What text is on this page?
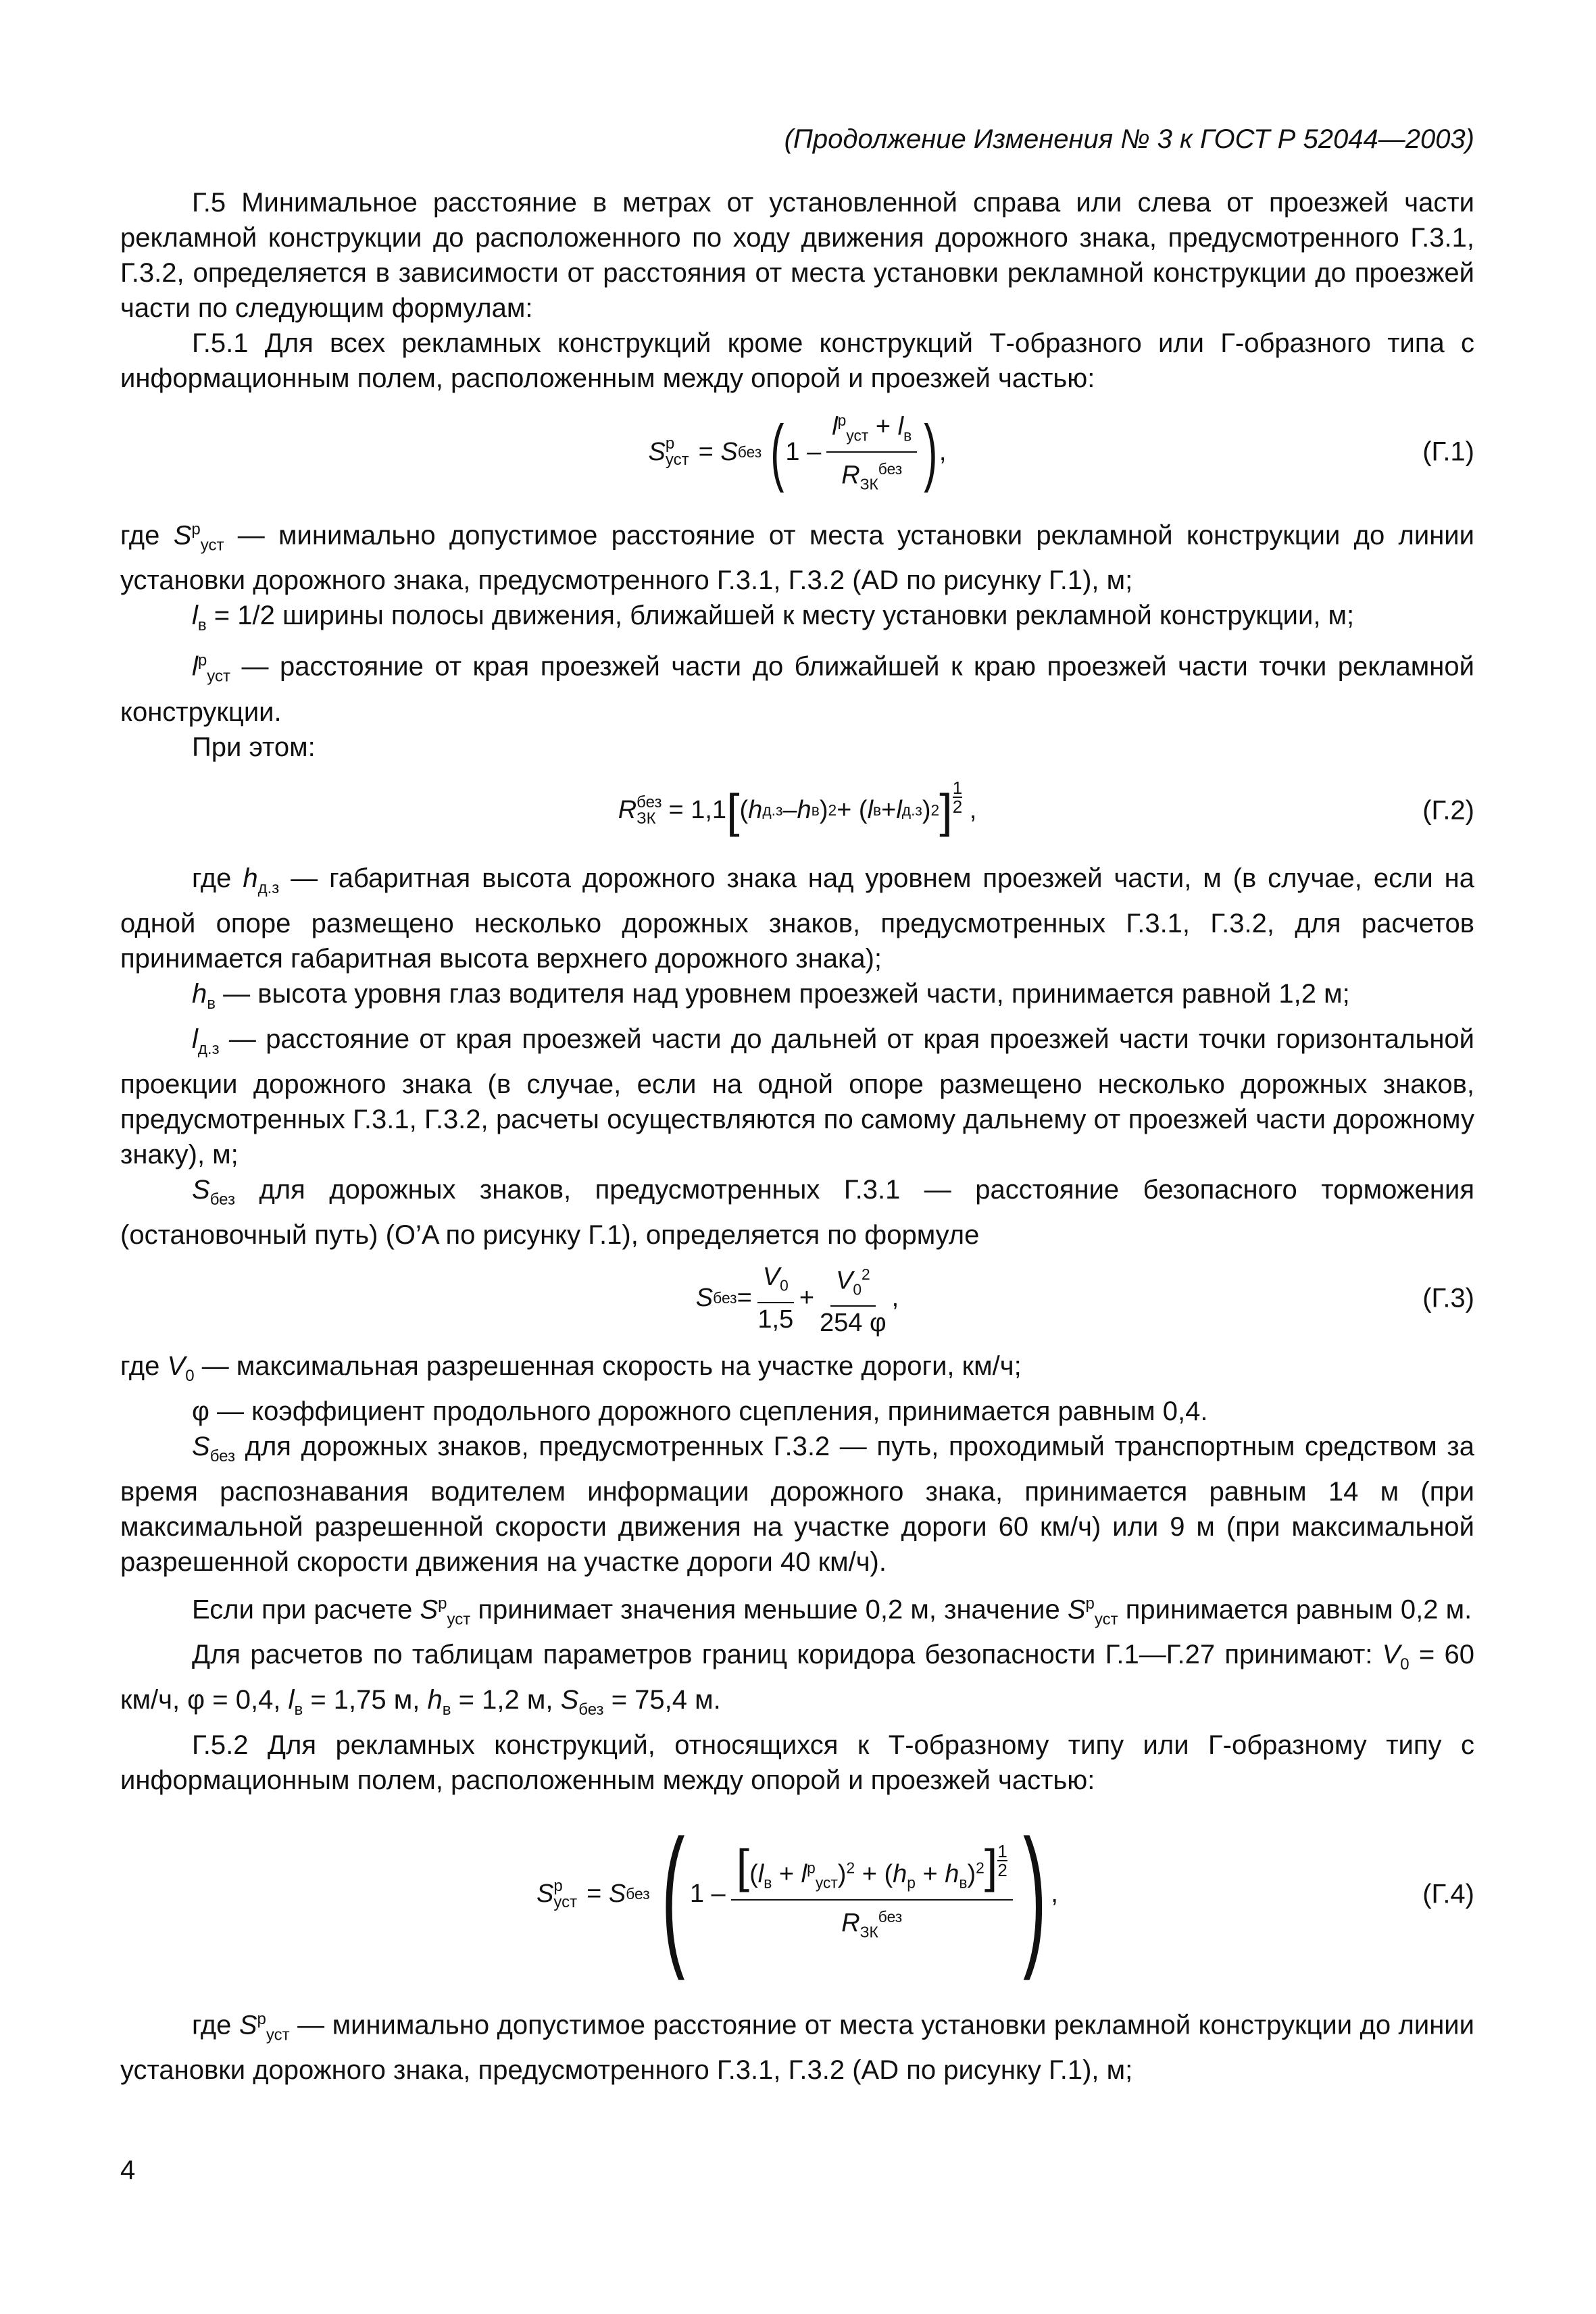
(Продолжение Изменения № 3 к ГОСТ Р 52044—2003)

Г.5 Минимальное расстояние в метрах от установленной справа или слева от проезжей части рекламной конструкции до расположенного по ходу движения дорожного знака, предусмотренного Г.3.1, Г.3.2, определяется в зависимости от расстояния от места установки рекламной конструкции до проезжей части по следующим формулам:

Г.5.1 Для всех рекламных конструкций кроме конструкций Т-образного или Г-образного типа с информационным полем, расположенным между опорой и проезжей частью:

S р
уст = S без
( $1 - \frac{l^р_{уст} + l_в}{R_{ЗК}^{без}}$ ) ,	(Г.1)

где $S^р_{уст}$ — минимально допустимое расстояние от места установки рекламной конструкции до линии установки дорожного знака, предусмотренного Г.3.1, Г.3.2 (AD по рисунку Г.1), м;

$l_в = 1/2$ ширины полосы движения, ближайшей к месту установки рекламной конструкции, м;

$l^р_{уст}$ — расстояние от края проезжей части до ближайшей к краю проезжей части точки рекламной конструкции.

При этом:

R без
ЗК = 1,1 [ ( h д.з – h в ) 2 + ( l в + l д.з ) 2 ] 1
2 ,	(Г.2)

где $h_{д.з}$ — габаритная высота дорожного знака над уровнем проезжей части, м (в случае, если на одной опоре размещено несколько дорожных знаков, предусмотренных Г.3.1, Г.3.2, для расчетов принимается габаритная высота верхнего дорожного знака);

$h_в$ — высота уровня глаз водителя над уровнем проезжей части, принимается равной 1,2 м;

$l_{д.з}$ — расстояние от края проезжей части до дальней от края проезжей части точки горизонтальной проекции дорожного знака (в случае, если на одной опоре размещено несколько дорожных знаков, предусмотренных Г.3.1, Г.3.2, расчеты осуществляются по самому дальнему от проезжей части дорожному знаку), м;

$S_{без}$ для дорожных знаков, предусмотренных Г.3.1 — расстояние безопасного торможения (остановочный путь) (O’A по рисунку Г.1), определяется по формуле

S без = $\frac{V_0}{1,5} + \frac{V_0^2}{254 \varphi}$ ,	(Г.3)

где $V_0$ — максимальная разрешенная скорость на участке дороги, км/ч;

φ — коэффициент продольного дорожного сцепления, принимается равным 0,4.

$S_{без}$ для дорожных знаков, предусмотренных Г.3.2 — путь, проходимый транспортным средством за время распознавания водителем информации дорожного знака, принимается равным 14 м (при максимальной разрешенной скорости движения на участке дороги 60 км/ч) или 9 м (при максимальной разрешенной скорости движения на участке дороги 40 км/ч).

Если при расчете $S^р_{уст}$ принимает значения меньшие 0,2 м, значение $S^р_{уст}$ принимается равным 0,2 м.

Для расчетов по таблицам параметров границ коридора безопасности Г.1—Г.27 принимают: $V_0 = 60$ км/ч, φ = 0,4, $l_в = 1,75$ м, $h_в = 1,2$ м, $S_{без} = 75,4$ м.

Г.5.2 Для рекламных конструкций, относящихся к Т-образному типу или Г-образному типу с информационным полем, расположенным между опорой и проезжей частью:

S р
уст = S без
( $1 - \frac{[(l_в + l^р_{уст})^2 + (h_р + h_в)^2] \frac{1}{2}}{R_{ЗК}^{без}}$ ) ,	(Г.4)

где $S^р_{уст}$ — минимально допустимое расстояние от места установки рекламной конструкции до линии установки дорожного знака, предусмотренного Г.3.1, Г.3.2 (AD по рисунку Г.1), м;

4
